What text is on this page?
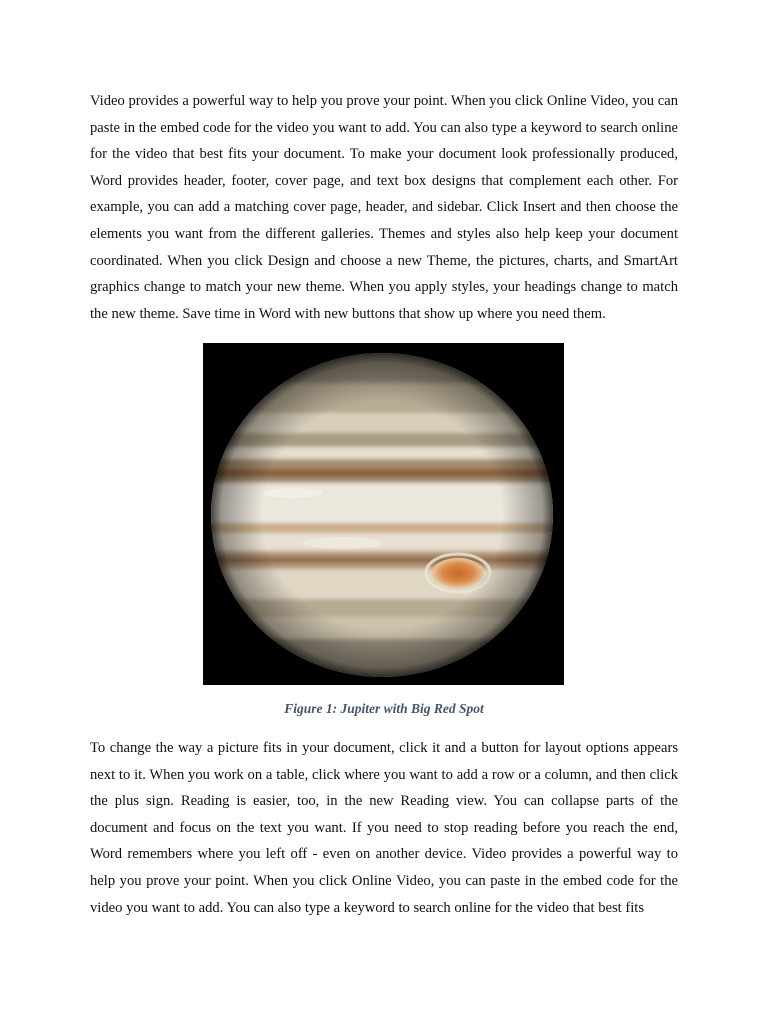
Video provides a powerful way to help you prove your point. When you click Online Video, you can paste in the embed code for the video you want to add. You can also type a keyword to search online for the video that best fits your document. To make your document look professionally produced, Word provides header, footer, cover page, and text box designs that complement each other. For example, you can add a matching cover page, header, and sidebar. Click Insert and then choose the elements you want from the different galleries. Themes and styles also help keep your document coordinated. When you click Design and choose a new Theme, the pictures, charts, and SmartArt graphics change to match your new theme. When you apply styles, your headings change to match the new theme. Save time in Word with new buttons that show up where you need them.

Figure 1: Jupiter with Big Red Spot

To change the way a picture fits in your document, click it and a button for layout options appears next to it. When you work on a table, click where you want to add a row or a column, and then click the plus sign. Reading is easier, too, in the new Reading view. You can collapse parts of the document and focus on the text you want. If you need to stop reading before you reach the end, Word remembers where you left off - even on another device. Video provides a powerful way to help you prove your point. When you click Online Video, you can paste in the embed code for the video you want to add. You can also type a keyword to search online for the video that best fits
